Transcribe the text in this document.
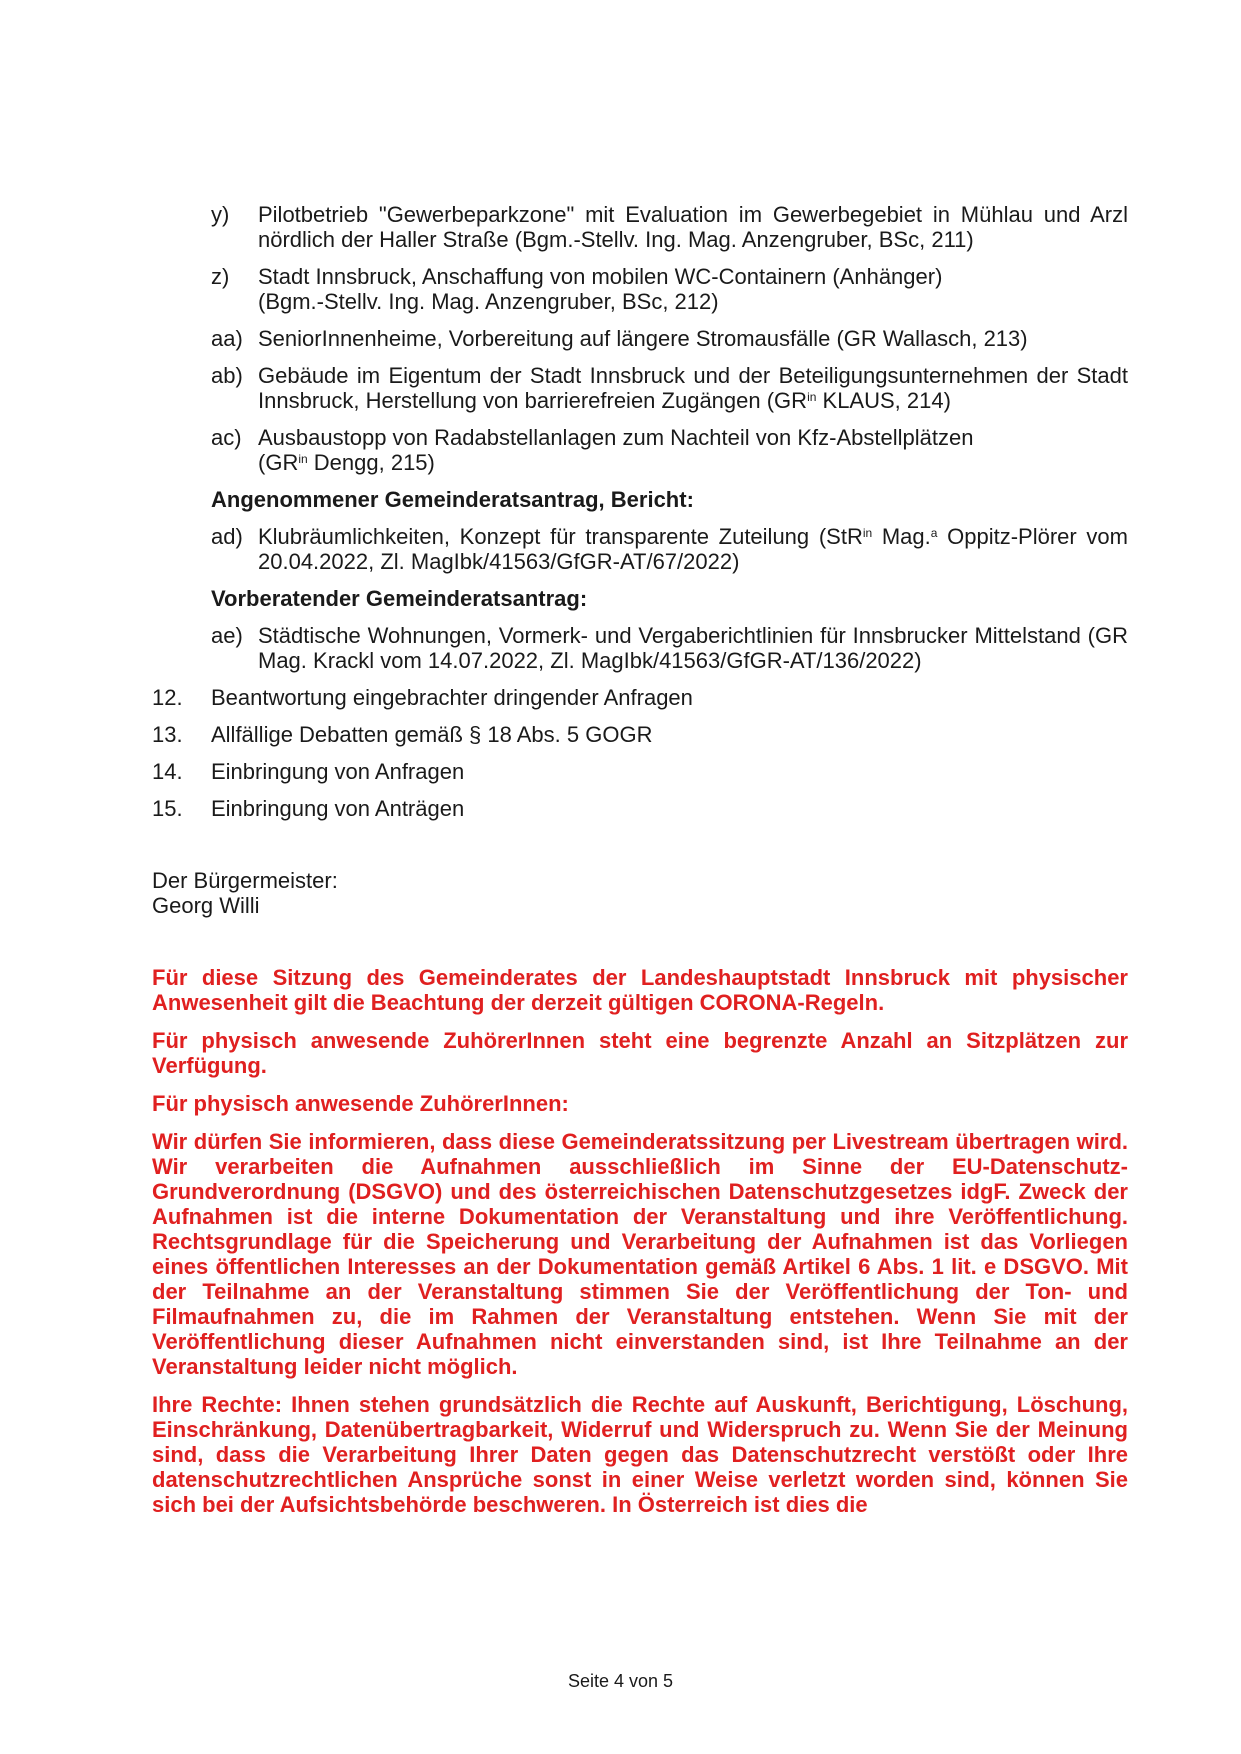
y)	Pilotbetrieb "Gewerbeparkzone" mit Evaluation im Gewerbegebiet in Mühlau und Arzl nördlich der Haller Straße (Bgm.-Stellv. Ing. Mag. Anzengruber, BSc, 211)
z)	Stadt Innsbruck, Anschaffung von mobilen WC-Containern (Anhänger)
(Bgm.-Stellv. Ing. Mag. Anzengruber, BSc, 212)
aa) SeniorInnenheime, Vorbereitung auf längere Stromausfälle (GR Wallasch, 213)
ab) Gebäude im Eigentum der Stadt Innsbruck und der Beteiligungsunternehmen der Stadt Innsbruck, Herstellung von barrierefreien Zugängen ($GR^{in}$ KLAUS, 214)
ac) Ausbaustopp von Radabstellanlagen zum Nachteil von Kfz-Abstellplätzen
($GR^{in}$ Dengg, 215)
Angenommener Gemeinderatsantrag, Bericht:
ad) Klubräumlichkeiten, Konzept für transparente Zuteilung (StR$^{in}$ Mag.$^a$ Oppitz-Plörer vom 20.04.2022, Zl. MagIbk/41563/GfGR-AT/67/2022)
Vorberatender Gemeinderatsantrag:
ae) Städtische Wohnungen, Vormerk- und Vergaberichtlinien für Innsbrucker Mittelstand (GR Mag. Krackl vom 14.07.2022, Zl. MagIbk/41563/GfGR-AT/136/2022)
12.	Beantwortung eingebrachter dringender Anfragen
13.	Allfällige Debatten gemäß § 18 Abs. 5 GOGR
14.	Einbringung von Anfragen
15.	Einbringung von Anträgen
Der Bürgermeister:
Georg Willi

Für diese Sitzung des Gemeinderates der Landeshauptstadt Innsbruck mit physischer Anwesenheit gilt die Beachtung der derzeit gültigen CORONA-Regeln.

Für physisch anwesende ZuhörerInnen steht eine begrenzte Anzahl an Sitzplätzen zur Verfügung.

Für physisch anwesende ZuhörerInnen:

Wir dürfen Sie informieren, dass diese Gemeinderatssitzung per Livestream übertragen wird. Wir verarbeiten die Aufnahmen ausschließlich im Sinne der EU-Datenschutz-Grundverordnung (DSGVO) und des österreichischen Datenschutzgesetzes idgF. Zweck der Aufnahmen ist die interne Dokumentation der Veranstaltung und ihre Veröffentlichung. Rechtsgrundlage für die Speicherung und Verarbeitung der Aufnahmen ist das Vorliegen eines öffentlichen Interesses an der Dokumentation gemäß Artikel 6 Abs. 1 lit. e DSGVO. Mit der Teilnahme an der Veranstaltung stimmen Sie der Veröffentlichung der Ton- und Filmaufnahmen zu, die im Rahmen der Veranstaltung entstehen. Wenn Sie mit der Veröffentlichung dieser Aufnahmen nicht einverstanden sind, ist Ihre Teilnahme an der Veranstaltung leider nicht möglich.

Ihre Rechte: Ihnen stehen grundsätzlich die Rechte auf Auskunft, Berichtigung, Löschung, Einschränkung, Datenübertragbarkeit, Widerruf und Widerspruch zu. Wenn Sie der Meinung sind, dass die Verarbeitung Ihrer Daten gegen das Datenschutzrecht verstößt oder Ihre datenschutzrechtlichen Ansprüche sonst in einer Weise verletzt worden sind, können Sie sich bei der Aufsichtsbehörde beschweren. In Österreich ist dies die

Seite 4 von 5
